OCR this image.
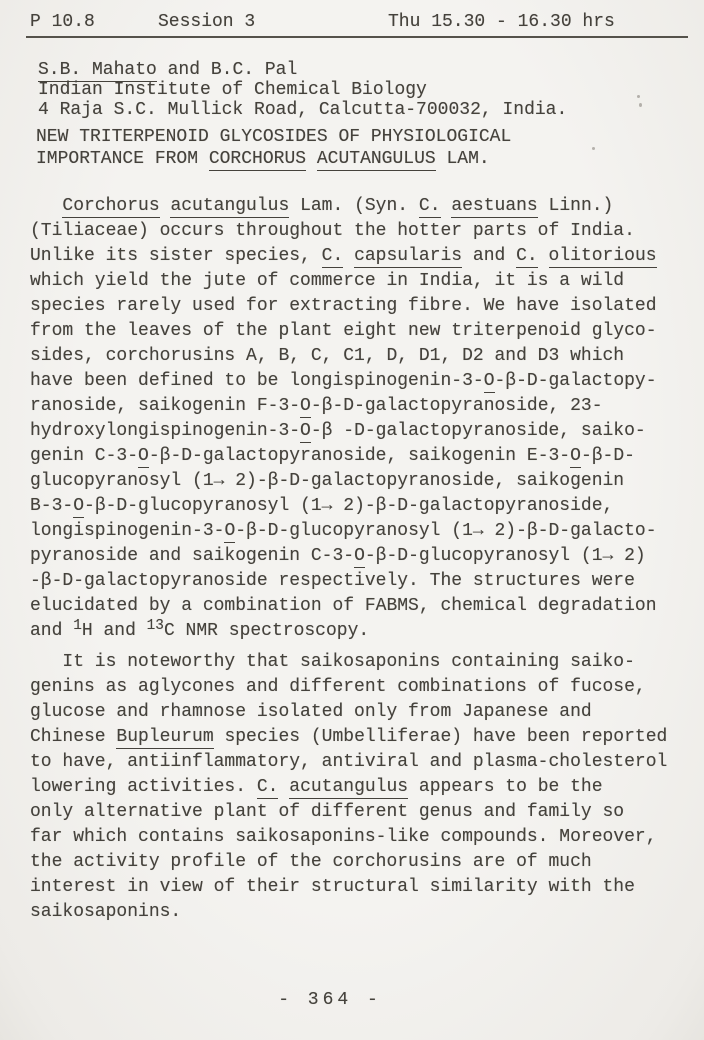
P 10.8	Session 3	Thu 15.30 - 16.30 hrs
S.B. Mahato and B.C. Pal
Indian Institute of Chemical Biology
4 Raja S.C. Mullick Road, Calcutta-700032, India.
NEW TRITERPENOID GLYCOSIDES OF PHYSIOLOGICAL
IMPORTANCE FROM CORCHORUS ACUTANGULUS LAM.
Corchorus acutangulus Lam. (Syn. C. aestuans Linn.)
(Tiliaceae) occurs throughout the hotter parts of India.
Unlike its sister species, C. capsularis and C. olitorious
which yield the jute of commerce in India, it is a wild
species rarely used for extracting fibre. We have isolated
from the leaves of the plant eight new triterpenoid glyco-
sides, corchorusins A, B, C, C1, D, D1, D2 and D3 which
have been defined to be longispinogenin-3-O-β-D-galactopy-
ranoside, saikogenin F-3-O-β-D-galactopyranoside, 23-
hydroxylongispinogenin-3-O-β -D-galactopyranoside, saiko-
genin C-3-O-β-D-galactopyranoside, saikogenin E-3-O-β-D-
glucopyranosyl (1→ 2)-β-D-galactopyranoside, saikogenin
B-3-O-β-D-glucopyranosyl (1→ 2)-β-D-galactopyranoside,
longispinogenin-3-O-β-D-glucopyranosyl (1→ 2)-β-D-galacto-
pyranoside and saikogenin C-3-O-β-D-glucopyranosyl (1→ 2)
-β-D-galactopyranoside respectively. The structures were
elucidated by a combination of FABMS, chemical degradation
and $^1$H and $^{13}$C NMR spectroscopy.
It is noteworthy that saikosaponins containing saiko-
genins as aglycones and different combinations of fucose,
glucose and rhamnose isolated only from Japanese and
Chinese Bupleurum species (Umbelliferae) have been reported
to have, antiinflammatory, antiviral and plasma-cholesterol
lowering activities. C. acutangulus appears to be the
only alternative plant of different genus and family so
far which contains saikosaponins-like compounds. Moreover,
the activity profile of the corchorusins are of much
interest in view of their structural similarity with the
saikosaponins.
- 364 -
